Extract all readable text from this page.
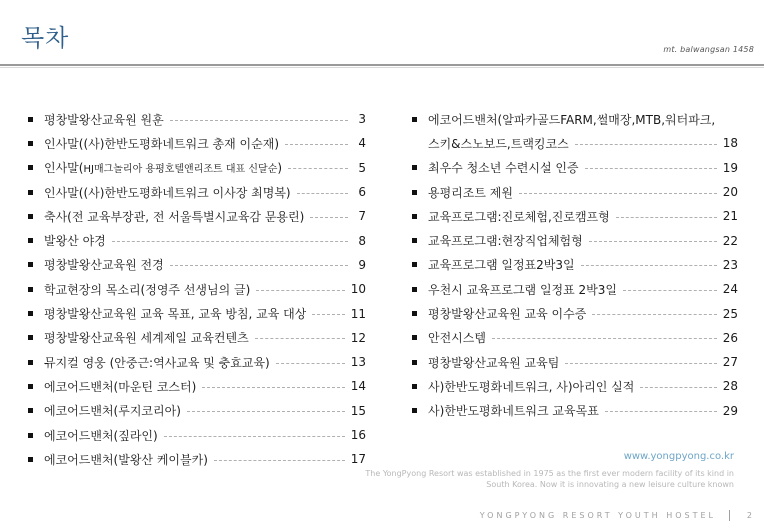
목차	mt. balwangsan 1458
평창발왕산교육원 원훈	3
인사말((사)한반도평화네트워크 총재 이순재)	4
인사말(HJ매그놀리아 용평호텔앤리조트 대표 신달순)	5
인사말((사)한반도평화네트워크 이사장 최명복)	6
축사(전 교육부장관, 전 서울특별시교육감 문용린)	7
발왕산 야경	8
평창발왕산교육원 전경	9
학교현장의 목소리(정영주 선생님의 글)	10
평창발왕산교육원 교육 목표, 교육 방침, 교육 대상	11
평창발왕산교육원 세계제일 교육컨텐츠	12
뮤지컬 영웅 (안중근:역사교육 및 충효교육)	13
에코어드밴처(마운틴 코스터)	14
에코어드밴처(루지코리아)	15
에코어드밴처(짚라인)	16
에코어드밴처(발왕산 케이블카)	17
에코어드밴처(알파카골드FARM,썰매장,MTB,워터파크,
스키&스노보드,트랙킹코스	18
최우수 청소년 수련시설 인증	19
용평리조트 제원	20
교육프로그램:진로체험,진로캠프형	21
교육프로그램:현장직업체험형	22
교육프로그램 일정표2박3일	23
우천시 교육프로그램 일정표 2박3일	24
평창발왕산교육원 교육 이수증	25
안전시스템	26
평창발왕산교육원 교육팀	27
사)한반도평화네트워크, 사)아리인 실적	28
사)한반도평화네트워크 교육목표	29
www.yongpyong.co.kr
The YongPyong Resort was established in 1975 as the first ever modern facility of its kind in South Korea. Now it is innovating a new leisure culture known
YONGPYONG RESORT YOUTH HOSTEL	2
